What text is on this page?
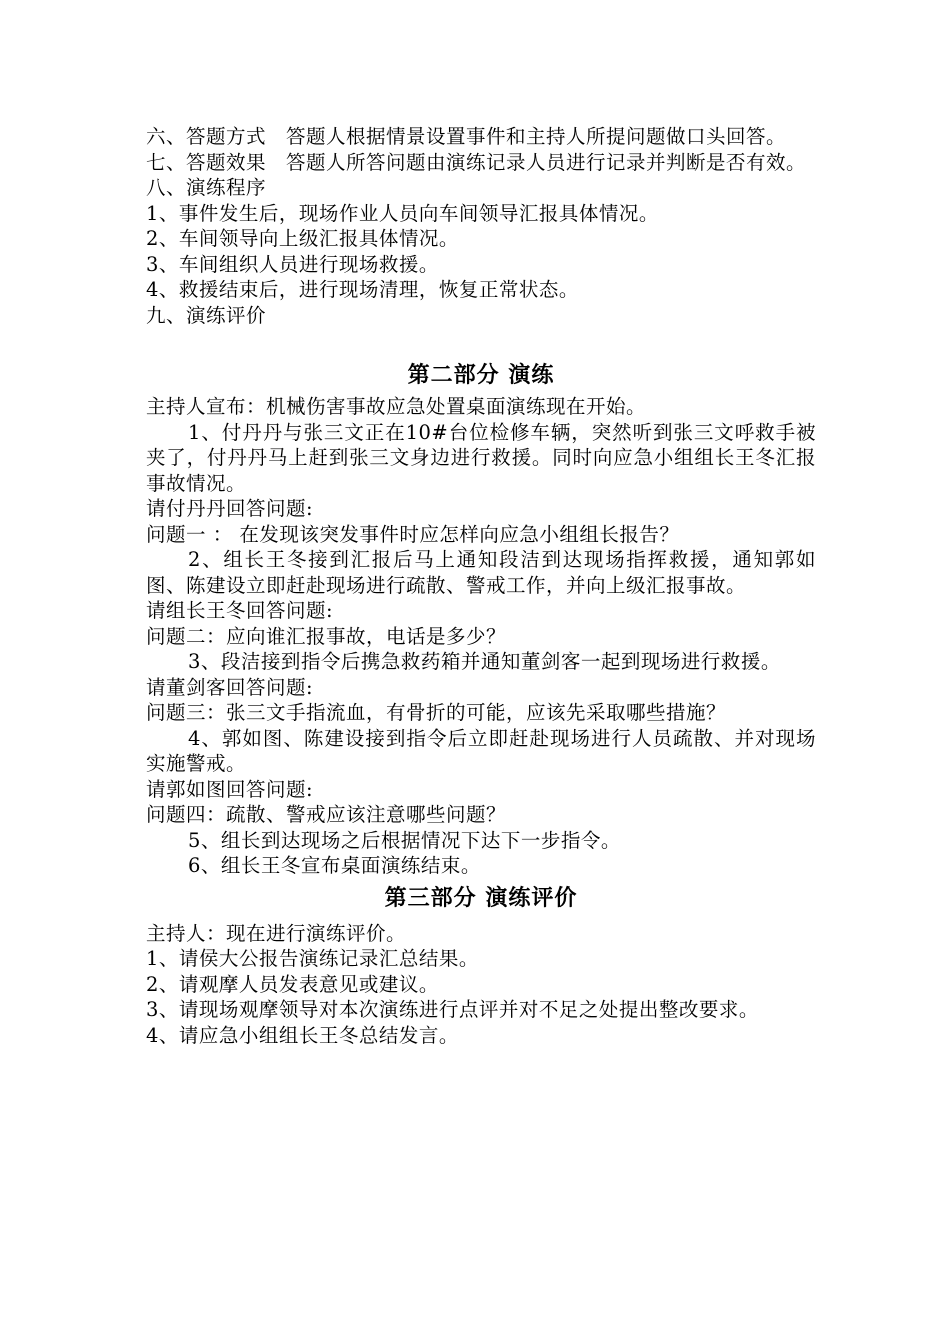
六、答题方式　答题人根据情景设置事件和主持人所提问题做口头回答。

七、答题效果　答题人所答问题由演练记录人员进行记录并判断是否有效。

八、演练程序

1、事件发生后，现场作业人员向车间领导汇报具体情况。

2、车间领导向上级汇报具体情况。

3、车间组织人员进行现场救援。

4、救援结束后，进行现场清理，恢复正常状态。

九、演练评价

第二部分 演练

主持人宣布：机械伤害事故应急处置桌面演练现在开始。

1、付丹丹与张三文正在10#台位检修车辆，突然听到张三文呼救手被夹了，付丹丹马上赶到张三文身边进行救援。同时向应急小组组长王冬汇报事故情况。

请付丹丹回答问题:

问题一 ： 在发现该突发事件时应怎样向应急小组组长报告？

2、组长王冬接到汇报后马上通知段洁到达现场指挥救援，通知郭如图、陈建设立即赶赴现场进行疏散、警戒工作，并向上级汇报事故。

请组长王冬回答问题:

问题二：应向谁汇报事故，电话是多少？

3、段洁接到指令后携急救药箱并通知董剑客一起到现场进行救援。

请董剑客回答问题:

问题三：张三文手指流血，有骨折的可能，应该先采取哪些措施？

4、郭如图、陈建设接到指令后立即赶赴现场进行人员疏散、并对现场实施警戒。

请郭如图回答问题:

问题四：疏散、警戒应该注意哪些问题？

5、组长到达现场之后根据情况下达下一步指令。

6、组长王冬宣布桌面演练结束。

第三部分 演练评价

主持人：现在进行演练评价。

1、请侯大公报告演练记录汇总结果。

2、请观摩人员发表意见或建议。

3、请现场观摩领导对本次演练进行点评并对不足之处提出整改要求。

4、请应急小组组长王冬总结发言。
